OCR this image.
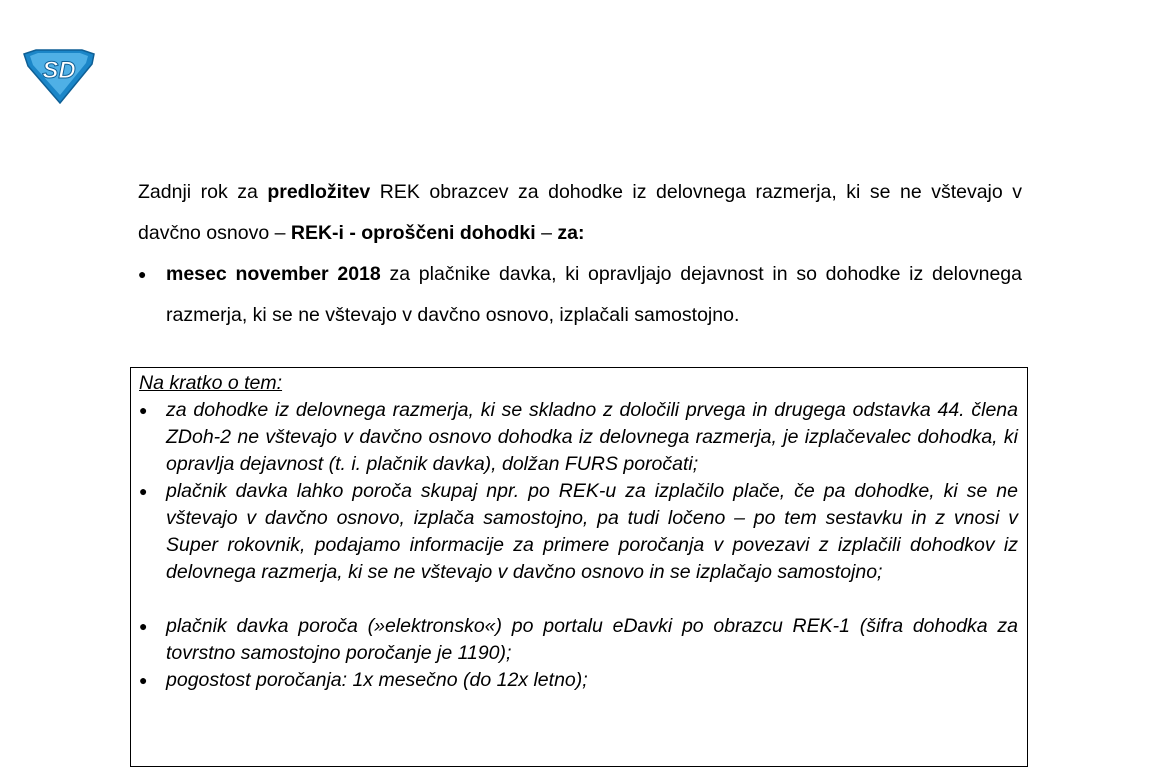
SD

Zadnji rok za predložitev REK obrazcev za dohodke iz delovnega razmerja, ki se ne vštevajo v davčno osnovo – REK-i - oproščeni dohodki – za:

● mesec november 2018 za plačnike davka, ki opravljajo dejavnost in so dohodke iz delovnega razmerja, ki se ne vštevajo v davčno osnovo, izplačali samostojno.

Na kratko o tem:

● za dohodke iz delovnega razmerja, ki se skladno z določili prvega in drugega odstavka 44. člena ZDoh-2 ne vštevajo v davčno osnovo dohodka iz delovnega razmerja, je izplačevalec dohodka, ki opravlja dejavnost (t. i. plačnik davka), dolžan FURS poročati;
● plačnik davka lahko poroča skupaj npr. po REK-u za izplačilo plače, če pa dohodke, ki se ne vštevajo v davčno osnovo, izplača samostojno, pa tudi ločeno – po tem sestavku in z vnosi v Super rokovnik, podajamo informacije za primere poročanja v povezavi z izplačili dohodkov iz delovnega razmerja, ki se ne vštevajo v davčno osnovo in se izplačajo samostojno;
● plačnik davka poroča (»elektronsko«) po portalu eDavki po obrazcu REK-1 (šifra dohodka za tovrstno samostojno poročanje je 1190);
● pogostost poročanja: 1x mesečno (do 12x letno);
